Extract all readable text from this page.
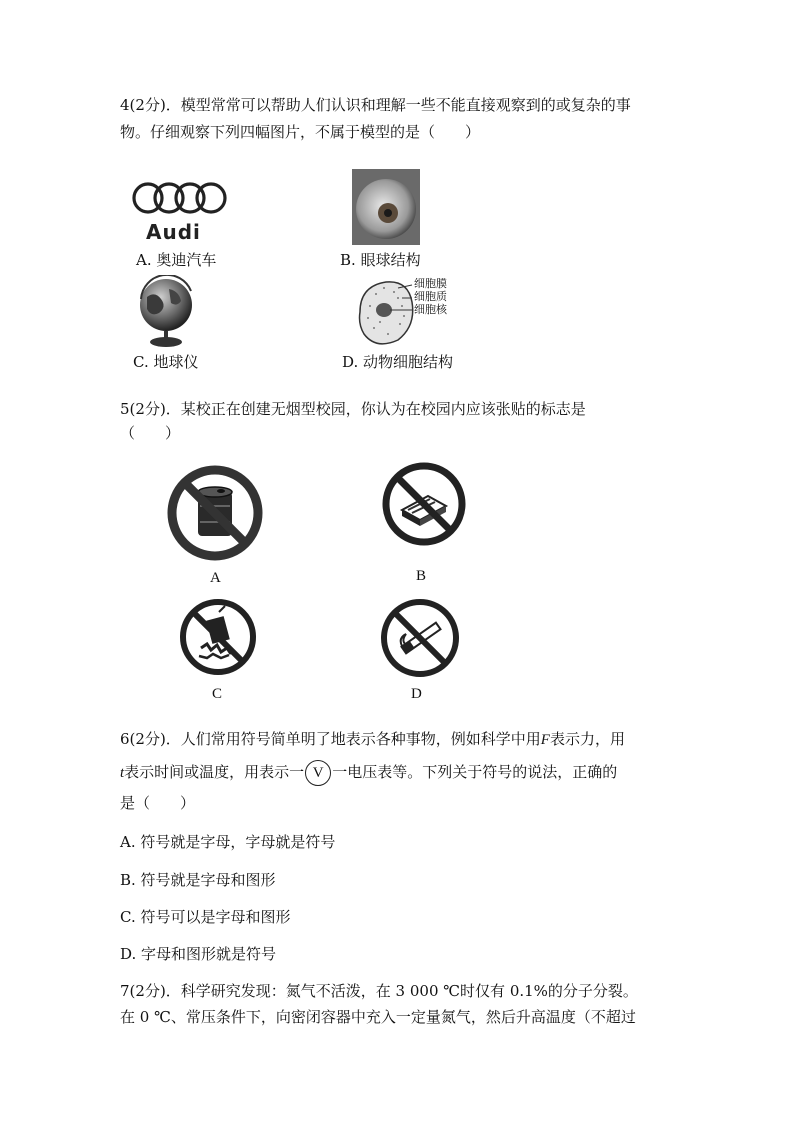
4(2分)．模型常常可以帮助人们认识和理解一些不能直接观察到的或复杂的事
物。仔细观察下列四幅图片，不属于模型的是（　　）
Audi
A. 奥迪汽车	B. 眼球结构
C. 地球仪
细胞膜
细胞质
细胞核
D. 动物细胞结构
5(2分)．某校正在创建无烟型校园，你认为在校园内应该张贴的标志是
（　　）
A	B
C	D
6(2分)．人们常用符号简单明了地表示各种事物，例如科学中用F表示力，用
t表示时间或温度，用表示一 V 一电压表等。下列关于符号的说法，正确的
是（　　）
A. 符号就是字母，字母就是符号
B. 符号就是字母和图形
C. 符号可以是字母和图形
D. 字母和图形就是符号
7(2分)．科学研究发现：氮气不活泼，在 3 000 ℃时仅有 0.1%的分子分裂。
在 0 ℃、常压条件下，向密闭容器中充入一定量氮气，然后升高温度（不超过
